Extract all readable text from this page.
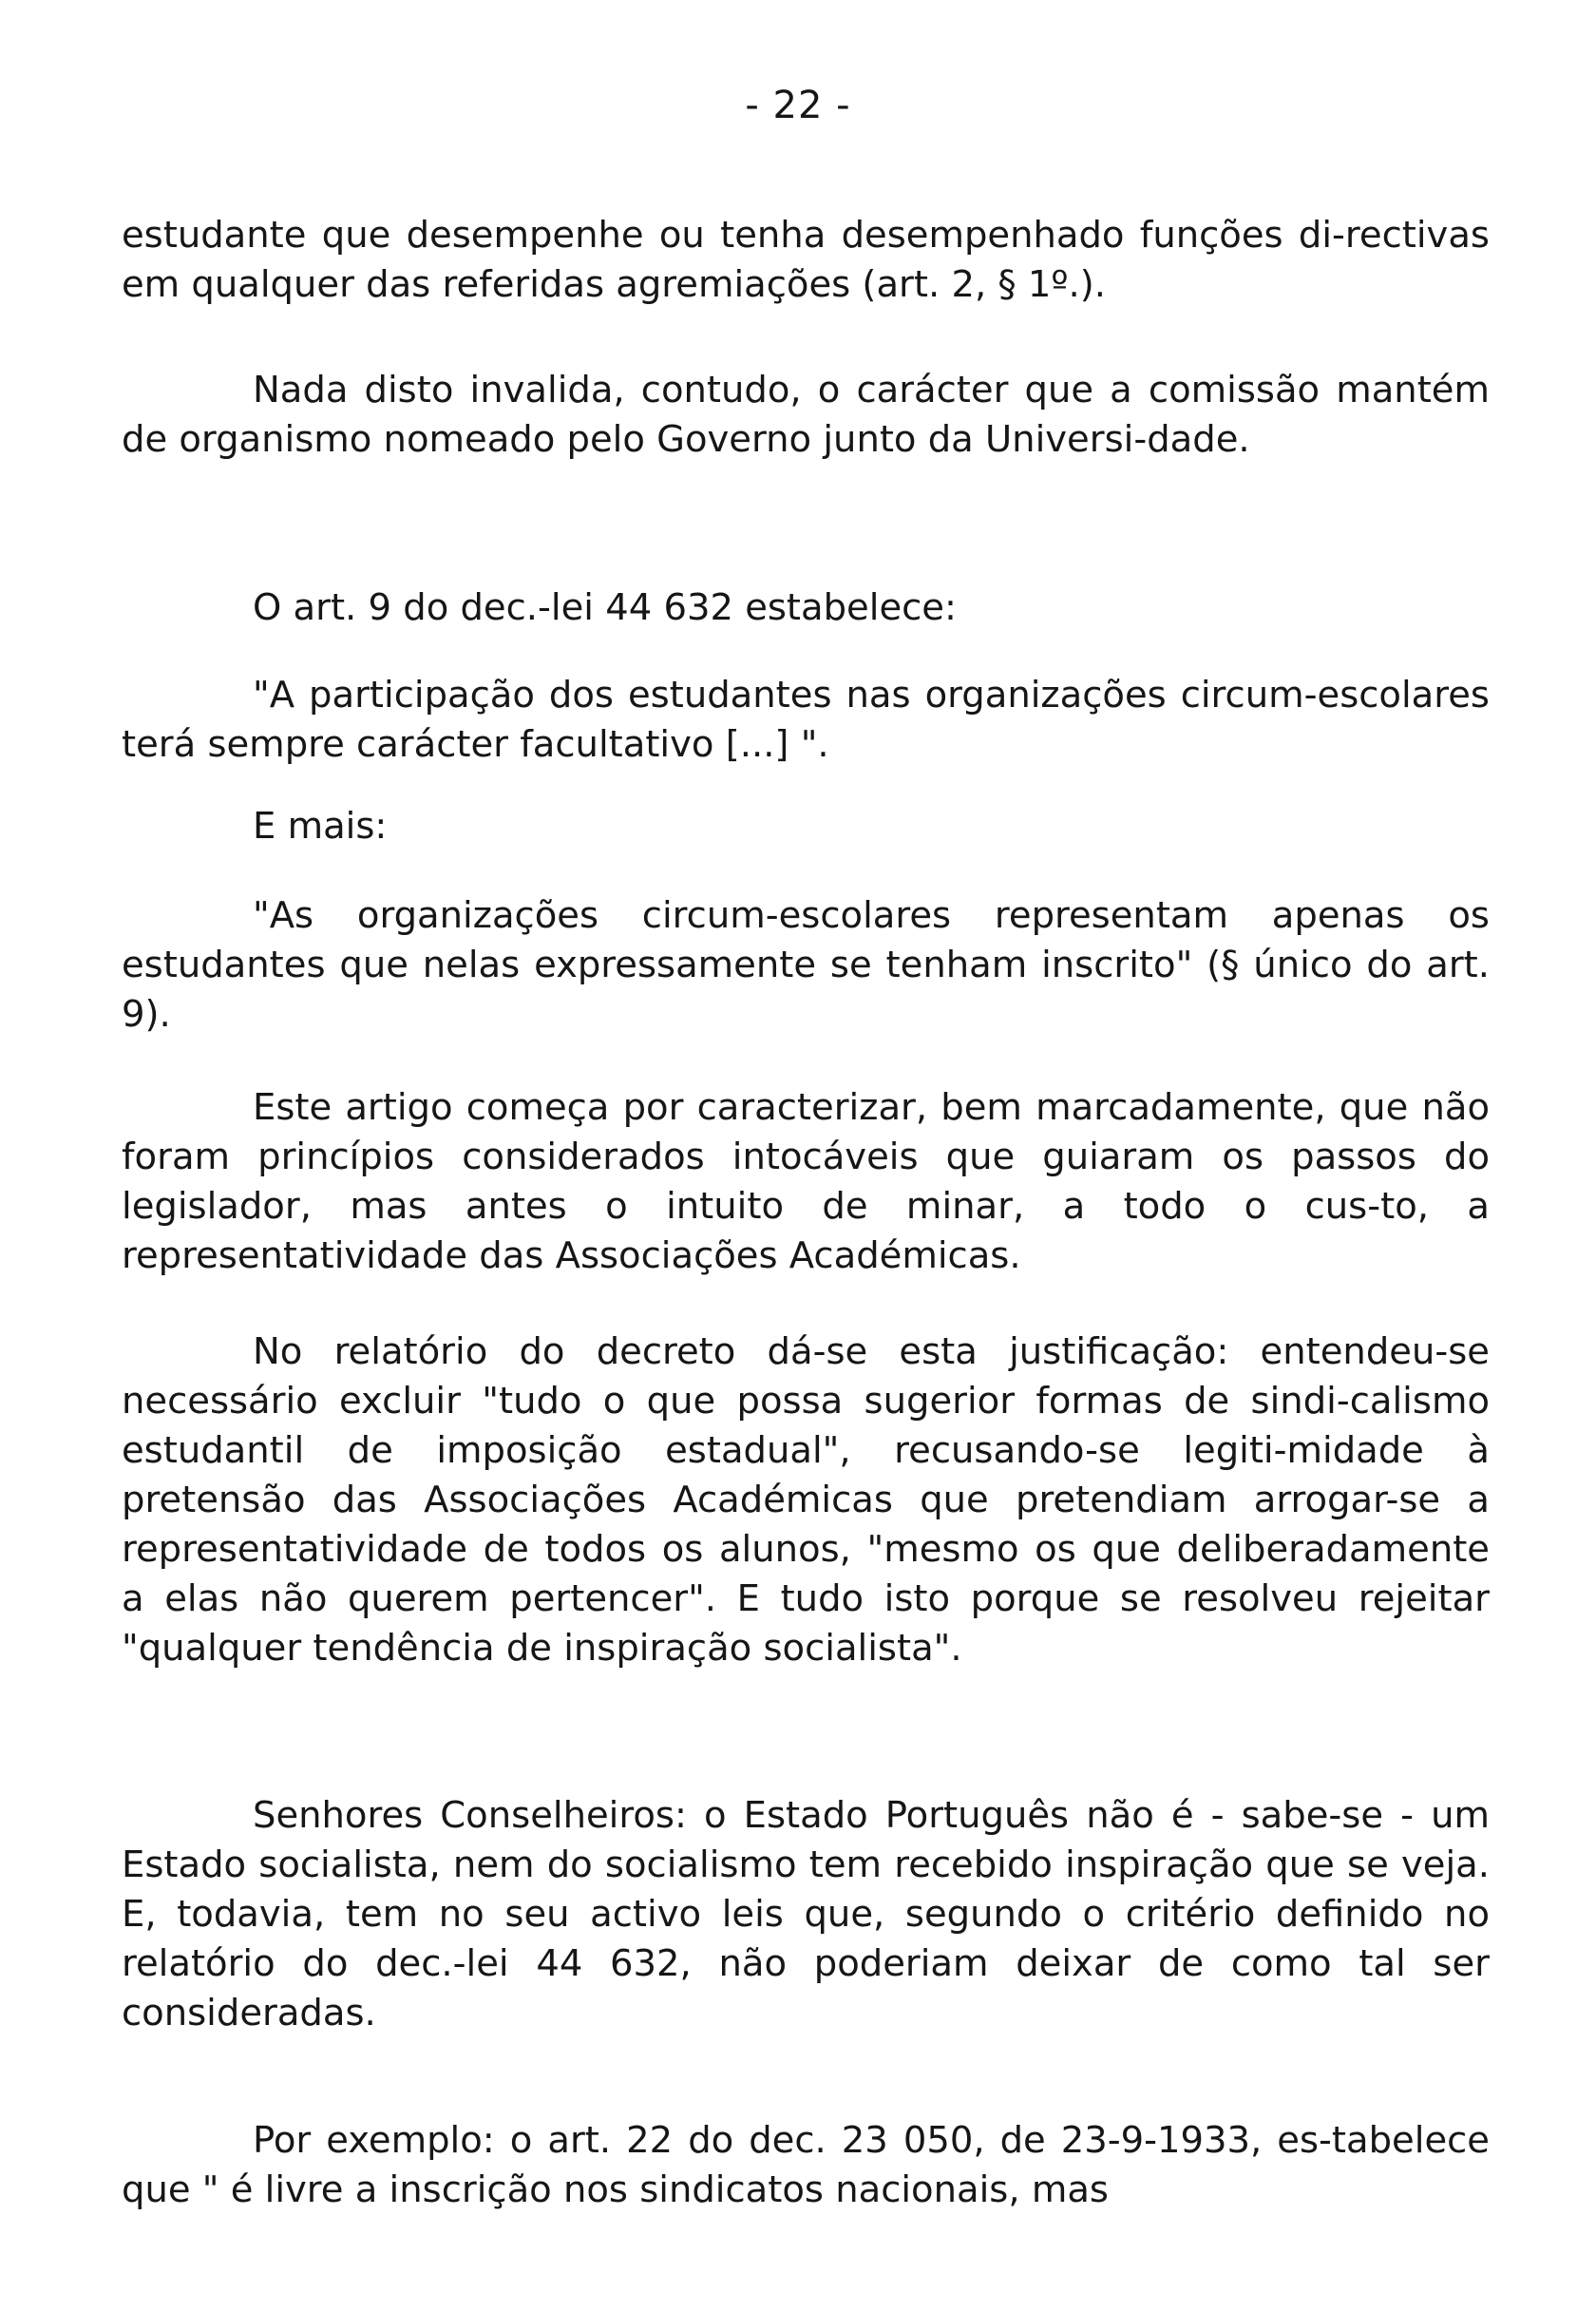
- 22 -

estudante que desempenhe ou tenha desempenhado funções di-rectivas em qualquer das referidas agremiações (art. 2, § 1º.).

Nada disto invalida, contudo, o carácter que a comissão mantém de organismo nomeado pelo Governo junto da Universi-dade.

O art. 9 do dec.-lei 44 632 estabelece:

"A participação dos estudantes nas organizações circum-escolares terá sempre carácter facultativo [...] ".

E mais:

"As organizações circum-escolares representam apenas os estudantes que nelas expressamente se tenham inscrito" (§ único do art. 9).

Este artigo começa por caracterizar, bem marcadamente, que não foram princípios considerados intocáveis que guiaram os passos do legislador, mas antes o intuito de minar, a todo o cus-to, a representatividade das Associações Académicas.

No relatório do decreto dá-se esta justificação: entendeu-se necessário excluir "tudo o que possa sugerior formas de sindi-calismo estudantil de imposição estadual", recusando-se legiti-midade à pretensão das Associações Académicas que pretendiam arrogar-se a representatividade de todos os alunos, "mesmo os que deliberadamente a elas não querem pertencer". E tudo isto porque se resolveu rejeitar "qualquer tendência de inspiração socialista".

Senhores Conselheiros: o Estado Português não é - sabe-se - um Estado socialista, nem do socialismo tem recebido inspiração que se veja. E, todavia, tem no seu activo leis que, segundo o critério definido no relatório do dec.-lei 44 632, não poderiam deixar de como tal ser consideradas.

Por exemplo: o art. 22 do dec. 23 050, de 23-9-1933, es-tabelece que " é livre a inscrição nos sindicatos nacionais, mas
